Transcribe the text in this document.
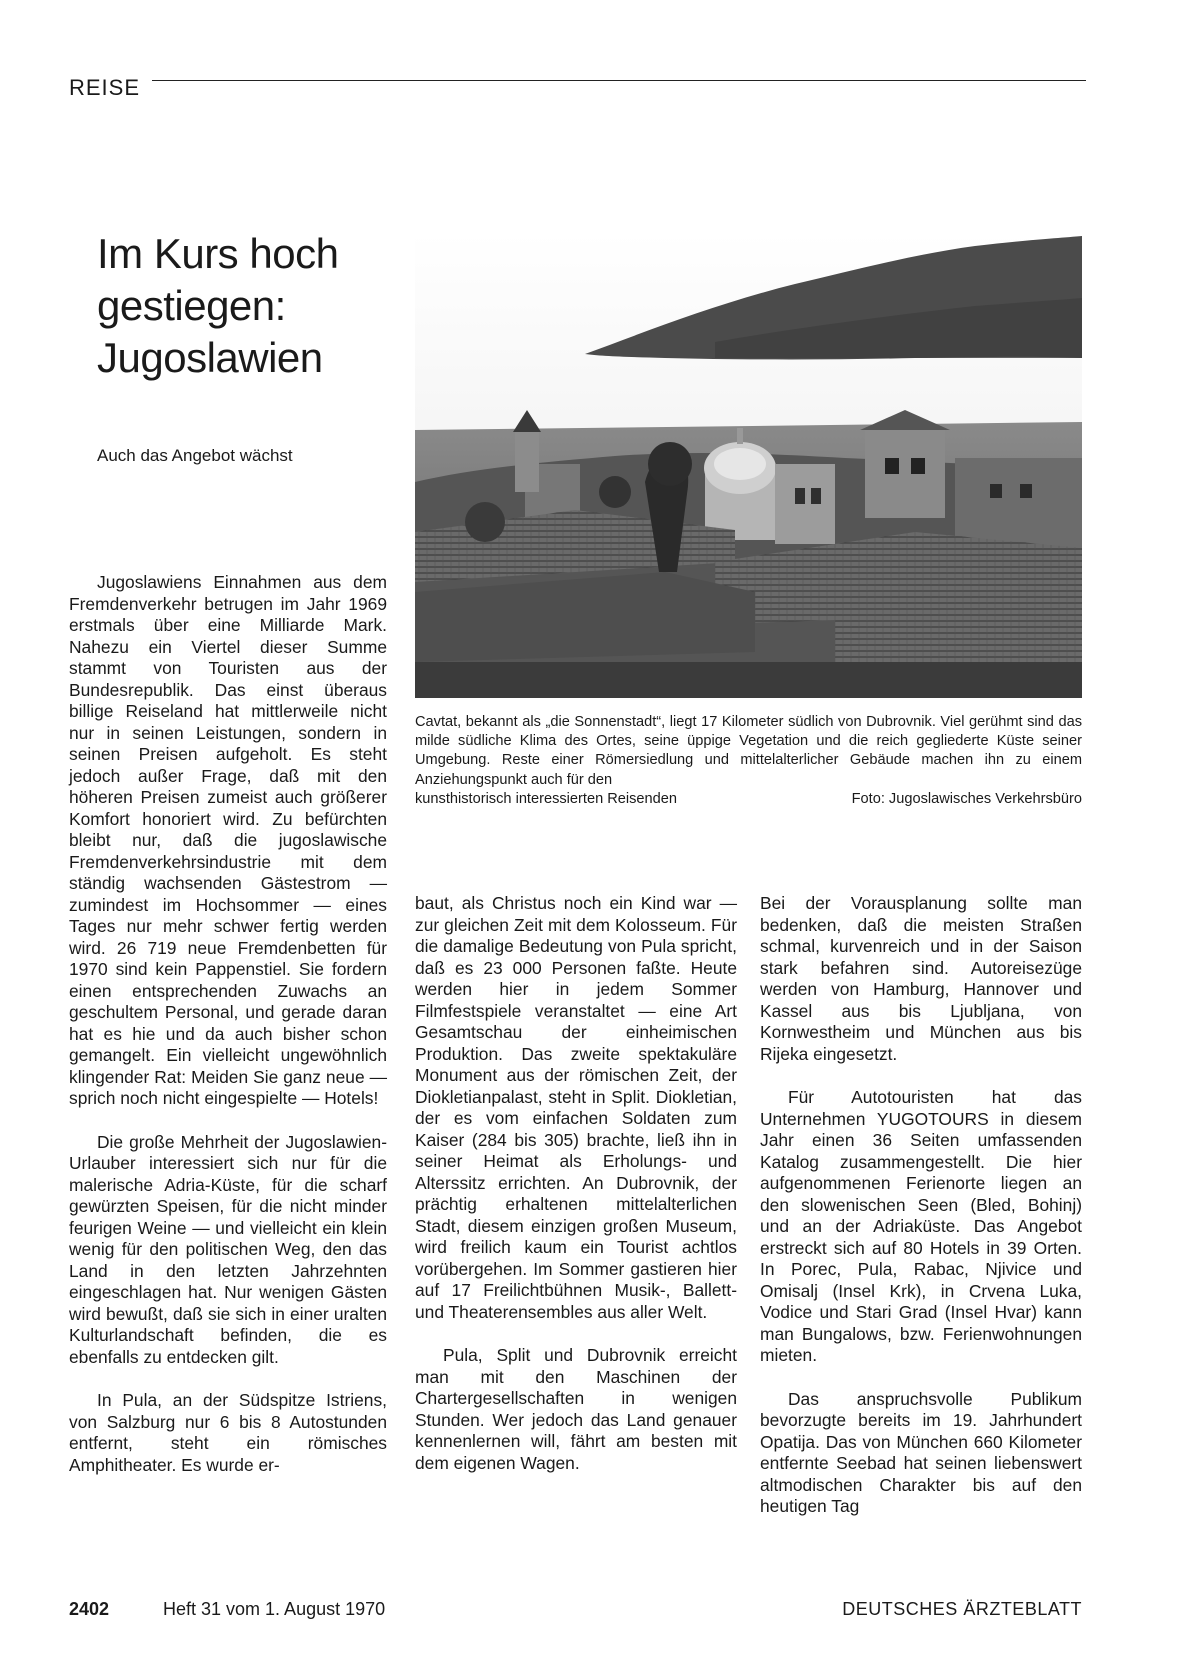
REISE
Im Kurs hoch
gestiegen:
Jugoslawien
Auch das Angebot wächst

Jugoslawiens Einnahmen aus dem Fremdenverkehr betrugen im Jahr 1969 erstmals über eine Milliarde Mark. Nahezu ein Viertel dieser Summe stammt von Touristen aus der Bundesrepublik. Das einst überaus billige Reiseland hat mittlerweile nicht nur in seinen Leistungen, sondern in seinen Preisen aufgeholt. Es steht jedoch außer Frage, daß mit den höheren Preisen zumeist auch größerer Komfort honoriert wird. Zu befürchten bleibt nur, daß die jugoslawische Fremdenverkehrsindustrie mit dem ständig wachsenden Gästestrom — zumindest im Hochsommer — eines Tages nur mehr schwer fertig werden wird. 26 719 neue Fremdenbetten für 1970 sind kein Pappenstiel. Sie fordern einen entsprechenden Zuwachs an geschultem Personal, und gerade daran hat es hie und da auch bisher schon gemangelt. Ein vielleicht ungewöhnlich klingender Rat: Meiden Sie ganz neue — sprich noch nicht eingespielte — Hotels!

Die große Mehrheit der Jugoslawien-Urlauber interessiert sich nur für die malerische Adria-Küste, für die scharf gewürzten Speisen, für die nicht minder feurigen Weine — und vielleicht ein klein wenig für den politischen Weg, den das Land in den letzten Jahrzehnten eingeschlagen hat. Nur wenigen Gästen wird bewußt, daß sie sich in einer uralten Kulturlandschaft befinden, die es ebenfalls zu entdecken gilt.

In Pula, an der Südspitze Istriens, von Salzburg nur 6 bis 8 Autostunden entfernt, steht ein römisches Amphitheater. Es wurde er-

Cavtat, bekannt als „die Sonnenstadt“, liegt 17 Kilometer südlich von Dubrovnik. Viel gerühmt sind das milde südliche Klima des Ortes, seine üppige Vegetation und die reich gegliederte Küste seiner Umgebung. Reste einer Römersiedlung und mittelalterlicher Gebäude machen ihn zu einem Anziehungspunkt auch für den
kunsthistorisch interessierten Reisenden	Foto: Jugoslawisches Verkehrsbüro

baut, als Christus noch ein Kind war — zur gleichen Zeit mit dem Kolosseum. Für die damalige Bedeutung von Pula spricht, daß es 23 000 Personen faßte. Heute werden hier in jedem Sommer Filmfestspiele veranstaltet — eine Art Gesamtschau der einheimischen Produktion. Das zweite spektakuläre Monument aus der römischen Zeit, der Diokletianpalast, steht in Split. Diokletian, der es vom einfachen Soldaten zum Kaiser (284 bis 305) brachte, ließ ihn in seiner Heimat als Erholungs- und Alterssitz errichten. An Dubrovnik, der prächtig erhaltenen mittelalterlichen Stadt, diesem einzigen großen Museum, wird freilich kaum ein Tourist achtlos vorübergehen. Im Sommer gastieren hier auf 17 Freilichtbühnen Musik-, Ballett- und Theaterensembles aus aller Welt.

Pula, Split und Dubrovnik erreicht man mit den Maschinen der Chartergesellschaften in wenigen Stunden. Wer jedoch das Land genauer kennenlernen will, fährt am besten mit dem eigenen Wagen.

Bei der Vorausplanung sollte man bedenken, daß die meisten Straßen schmal, kurvenreich und in der Saison stark befahren sind. Autoreisezüge werden von Hamburg, Hannover und Kassel aus bis Ljubljana, von Kornwestheim und München aus bis Rijeka eingesetzt.

Für Autotouristen hat das Unternehmen YUGOTOURS in diesem Jahr einen 36 Seiten umfassenden Katalog zusammengestellt. Die hier aufgenommenen Ferienorte liegen an den slowenischen Seen (Bled, Bohinj) und an der Adriaküste. Das Angebot erstreckt sich auf 80 Hotels in 39 Orten. In Porec, Pula, Rabac, Njivice und Omisalj (Insel Krk), in Crvena Luka, Vodice und Stari Grad (Insel Hvar) kann man Bungalows, bzw. Ferienwohnungen mieten.

Das anspruchsvolle Publikum bevorzugte bereits im 19. Jahrhundert Opatija. Das von München 660 Kilometer entfernte Seebad hat seinen liebenswert altmodischen Charakter bis auf den heutigen Tag

2402	Heft 31 vom 1. August 1970	DEUTSCHES ÄRZTEBLATT
